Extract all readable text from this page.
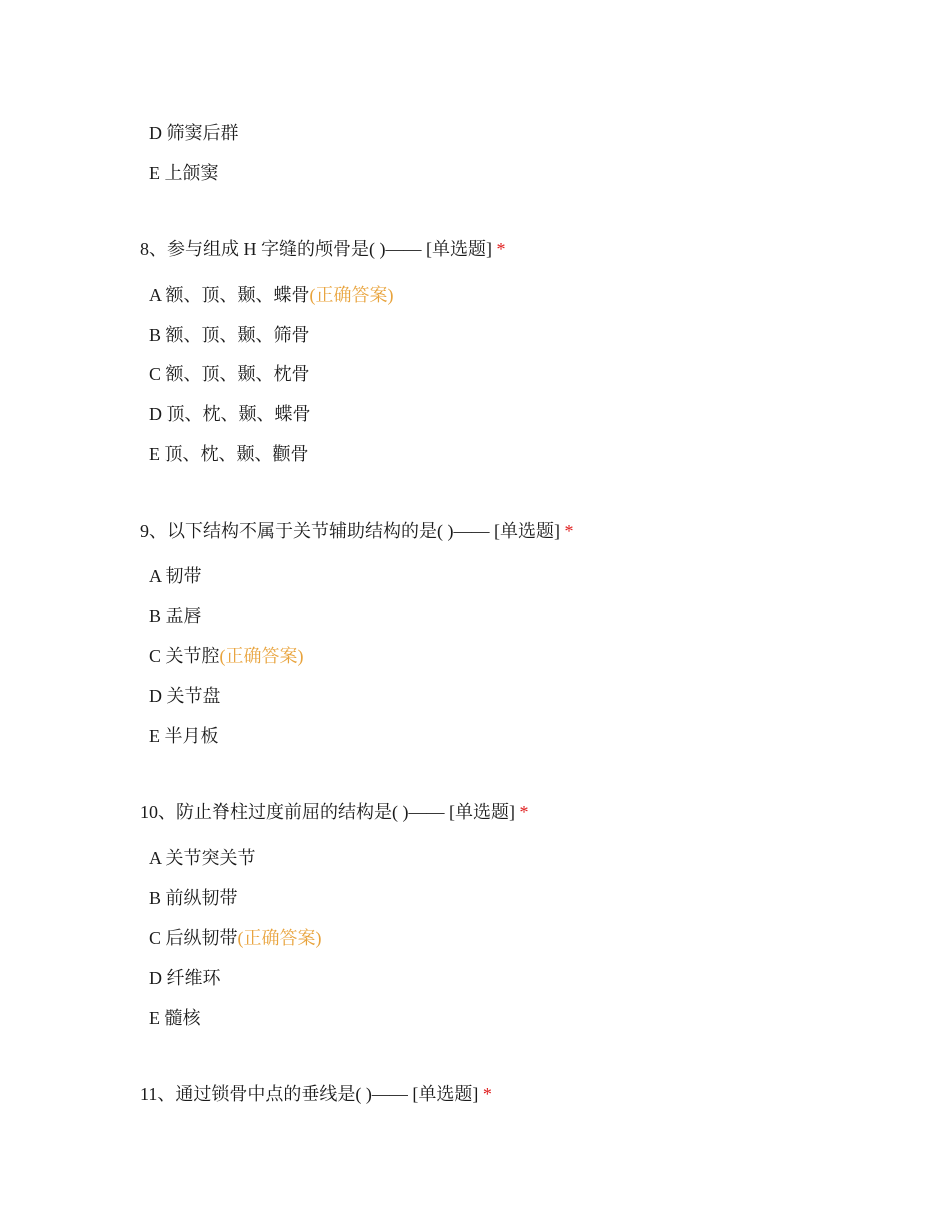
D 筛窦后群
E 上颌窦
8、参与组成 H 字缝的颅骨是( )—— [单选题] *
A 额、顶、颞、蝶骨(正确答案)
B 额、顶、颞、筛骨
C 额、顶、颞、枕骨
D 顶、枕、颞、蝶骨
E 顶、枕、颞、颧骨
9、以下结构不属于关节辅助结构的是( )—— [单选题] *
A 韧带
B 盂唇
C 关节腔(正确答案)
D 关节盘
E 半月板
10、防止脊柱过度前屈的结构是( )—— [单选题] *
A 关节突关节
B 前纵韧带
C 后纵韧带(正确答案)
D 纤维环
E 髓核
11、通过锁骨中点的垂线是( )—— [单选题] *
